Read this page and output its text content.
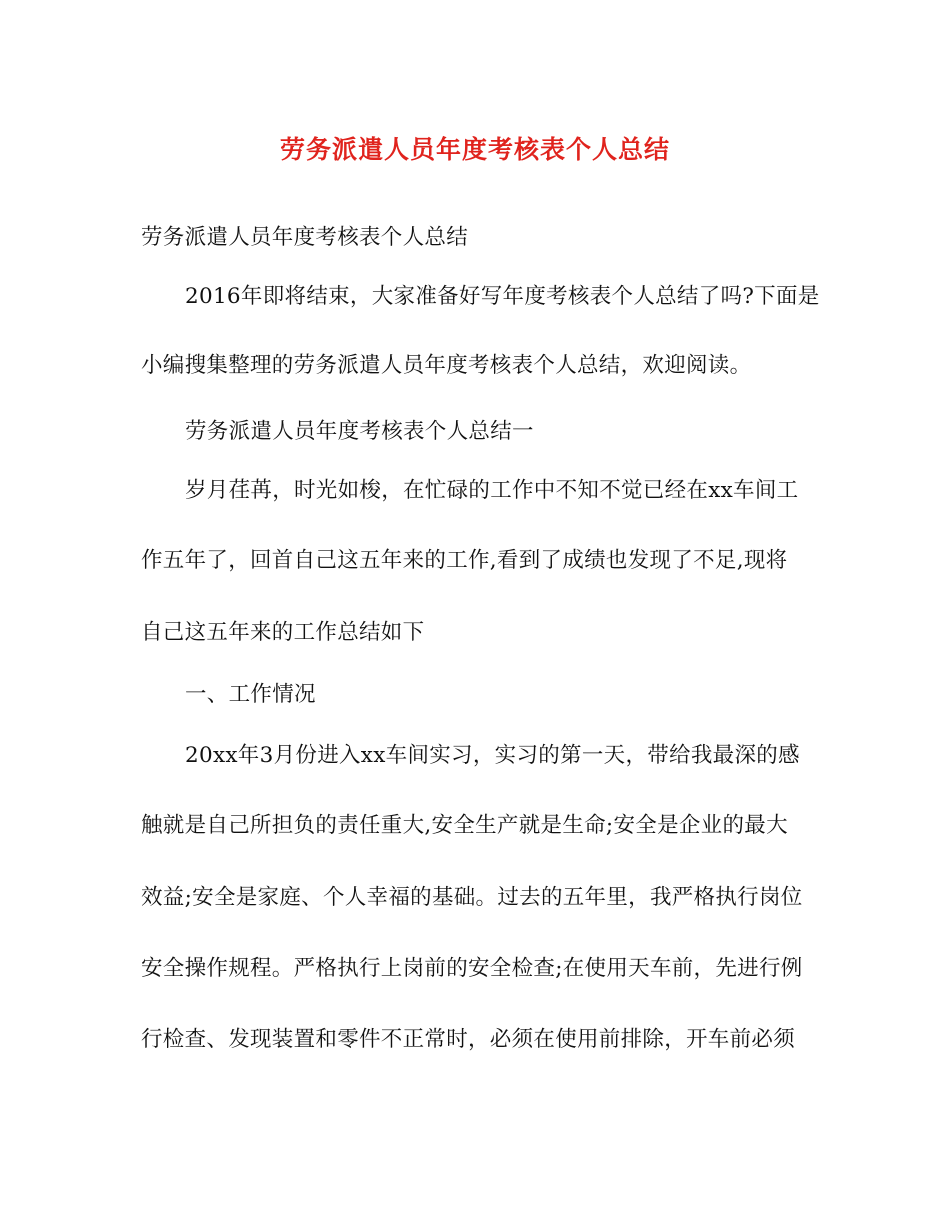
劳务派遣人员年度考核表个人总结
劳务派遣人员年度考核表个人总结
2016年即将结束，大家准备好写年度考核表个人总结了吗?下面是
小编搜集整理的劳务派遣人员年度考核表个人总结，欢迎阅读。
劳务派遣人员年度考核表个人总结一
岁月荏苒，时光如梭，在忙碌的工作中不知不觉已经在xx车间工
作五年了，回首自己这五年来的工作,看到了成绩也发现了不足,现将
自己这五年来的工作总结如下
一、工作情况
20xx年3月份进入xx车间实习，实习的第一天，带给我最深的感
触就是自己所担负的责任重大,安全生产就是生命;安全是企业的最大
效益;安全是家庭、个人幸福的基础。过去的五年里，我严格执行岗位
安全操作规程。严格执行上岗前的安全检查;在使用天车前，先进行例
行检查、发现装置和零件不正常时，必须在使用前排除，开车前必须
